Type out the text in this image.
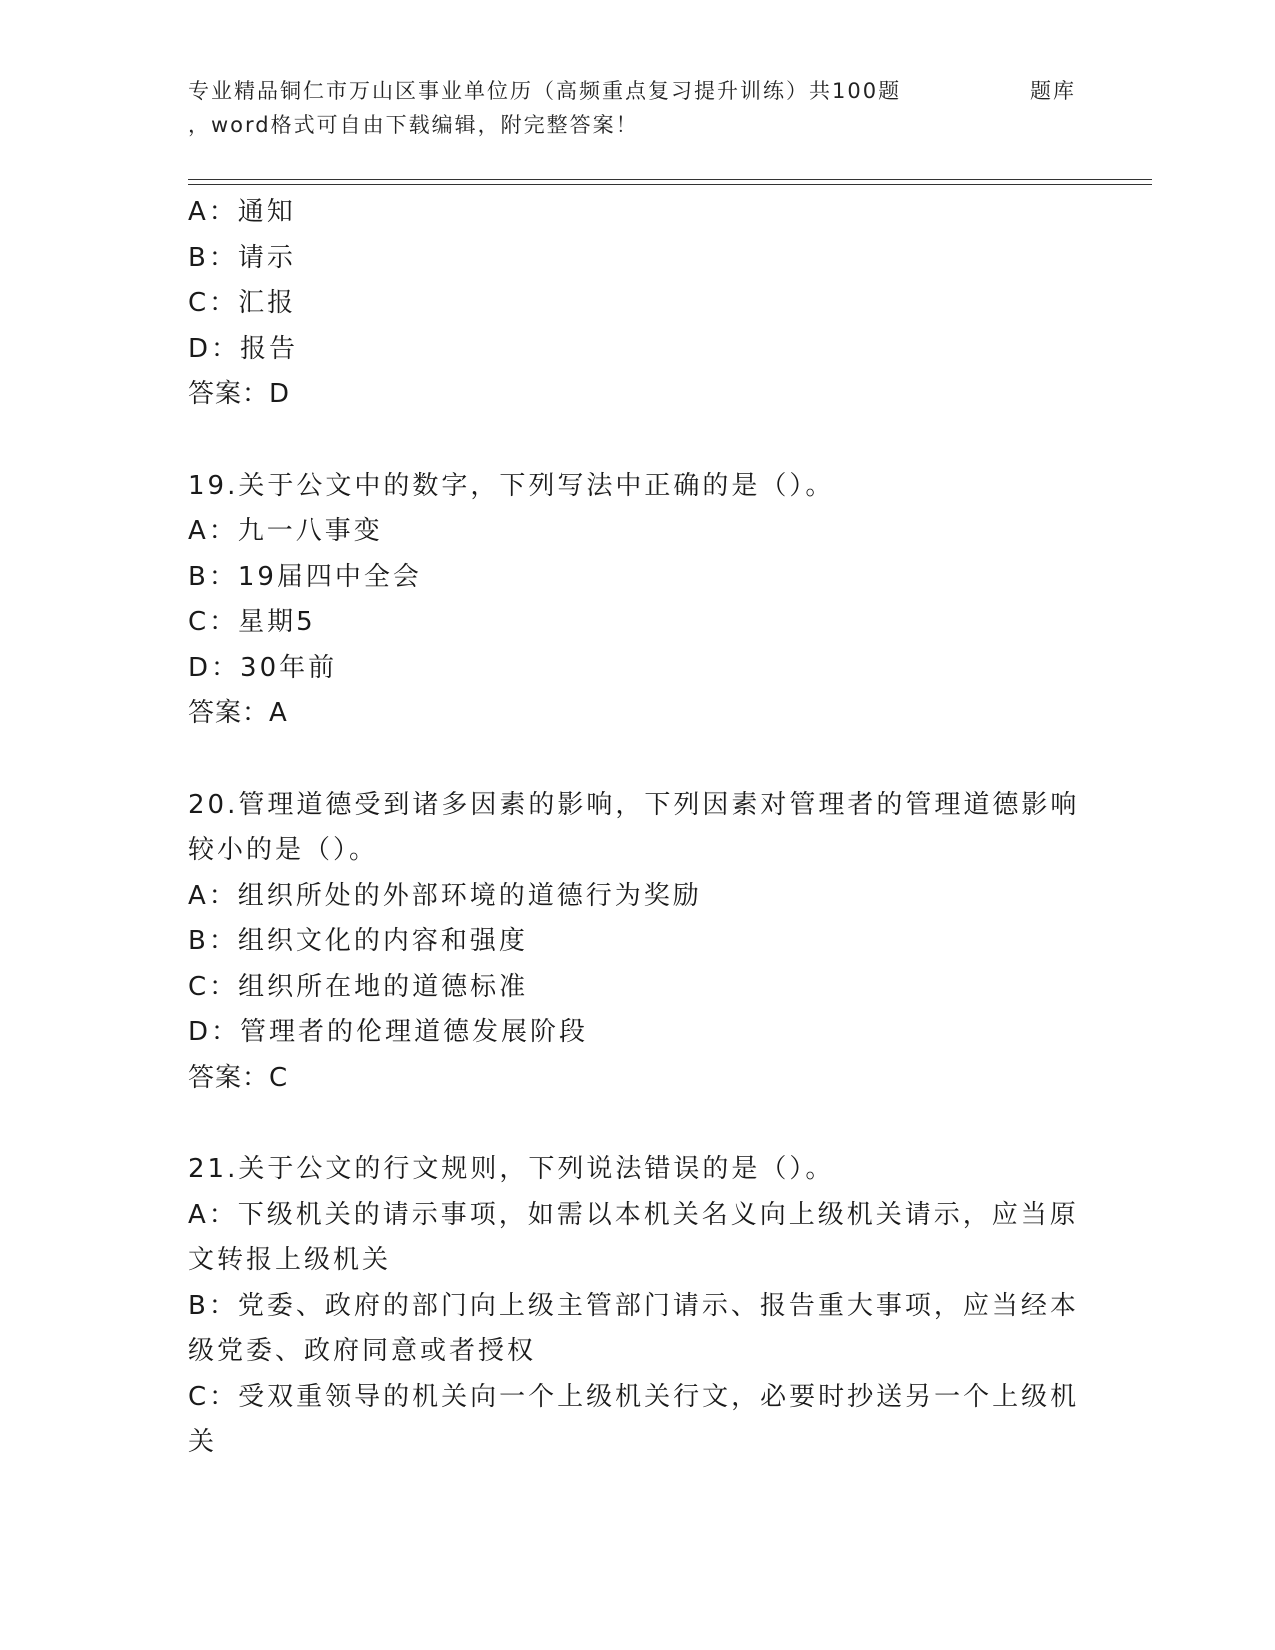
专业精品铜仁市万山区事业单位历（高频重点复习提升训练）共100题	题库
，word格式可自由下载编辑，附完整答案！
A：通知
B：请示
C：汇报
D：报告
答案：D
19.关于公文中的数字，下列写法中正确的是（）。
A：九一八事变
B：19届四中全会
C：星期5
D：30年前
答案：A
20.管理道德受到诸多因素的影响，下列因素对管理者的管理道德影响
较小的是（）。
A：组织所处的外部环境的道德行为奖励
B：组织文化的内容和强度
C：组织所在地的道德标准
D：管理者的伦理道德发展阶段
答案：C
21.关于公文的行文规则，下列说法错误的是（）。
A：下级机关的请示事项，如需以本机关名义向上级机关请示，应当原
文转报上级机关
B：党委、政府的部门向上级主管部门请示、报告重大事项，应当经本
级党委、政府同意或者授权
C：受双重领导的机关向一个上级机关行文，必要时抄送另一个上级机
关
